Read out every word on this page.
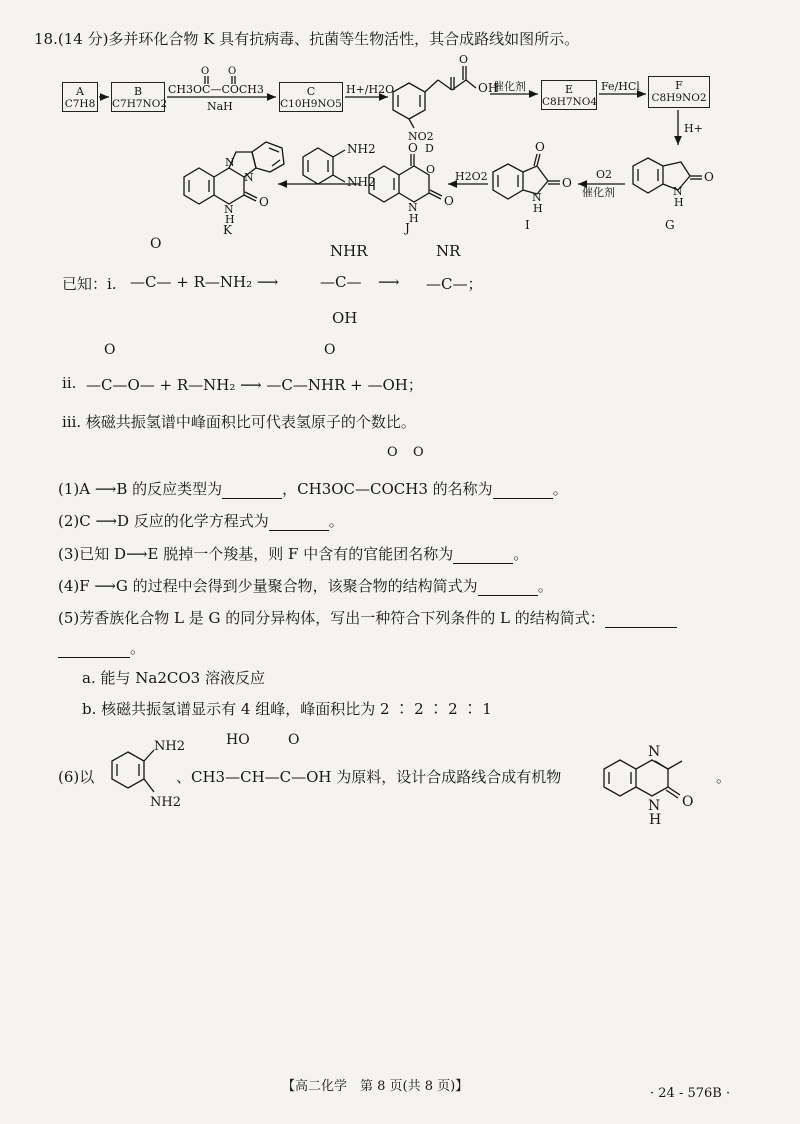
18.(14 分)多并环化合物 K 具有抗病毒、抗菌等生物活性，其合成路线如图所示。
A
C7H8
B
C7H7NO2
C
C10H9NO5
E
C8H7NO4
F
C8H9NO2
OH
O
NO2
D
N
H
O
G
O
O
N
H
I
O
O
O
N
H
J
NH2
NH2
N
N
O
N
H
K
O O
CH3OC—COCH3
NaH
H+/H2O	催化剂	Fe/HCl
H+
O2
催化剂
H2O2
O
已知：ⅰ. —C— + R—NH₂ ⟶
NHR
—C—
OH
⟶
NR
—C—；
O	O
ⅱ. —C—O— + R—NH₂ ⟶ —C—NHR + —OH；
ⅲ. 核磁共振氢谱中峰面积比可代表氢原子的个数比。
O O
(1)A ⟶B 的反应类型为	，CH3OC—COCH3 的名称为	。
(2)C ⟶D 反应的化学方程式为	。
(3)已知 D⟶E 脱掉一个羧基，则 F 中含有的官能团名称为	。
(4)F ⟶G 的过程中会得到少量聚合物，该聚合物的结构简式为	。
(5)芳香族化合物 L 是 G 的同分异构体，写出一种符合下列条件的 L 的结构简式：
。
a. 能与 Na2CO3 溶液反应
b. 核磁共振氢谱显示有 4 组峰，峰面积比为 2 ∶ 2 ∶ 2 ∶ 1
(6)以
NH2
NH2
HO	O
、CH3—CH—C—OH 为原料，设计合成路线合成有机物
N
N
H
O
。
【高二化学　第 8 页(共 8 页)】	· 24 - 576B ·
